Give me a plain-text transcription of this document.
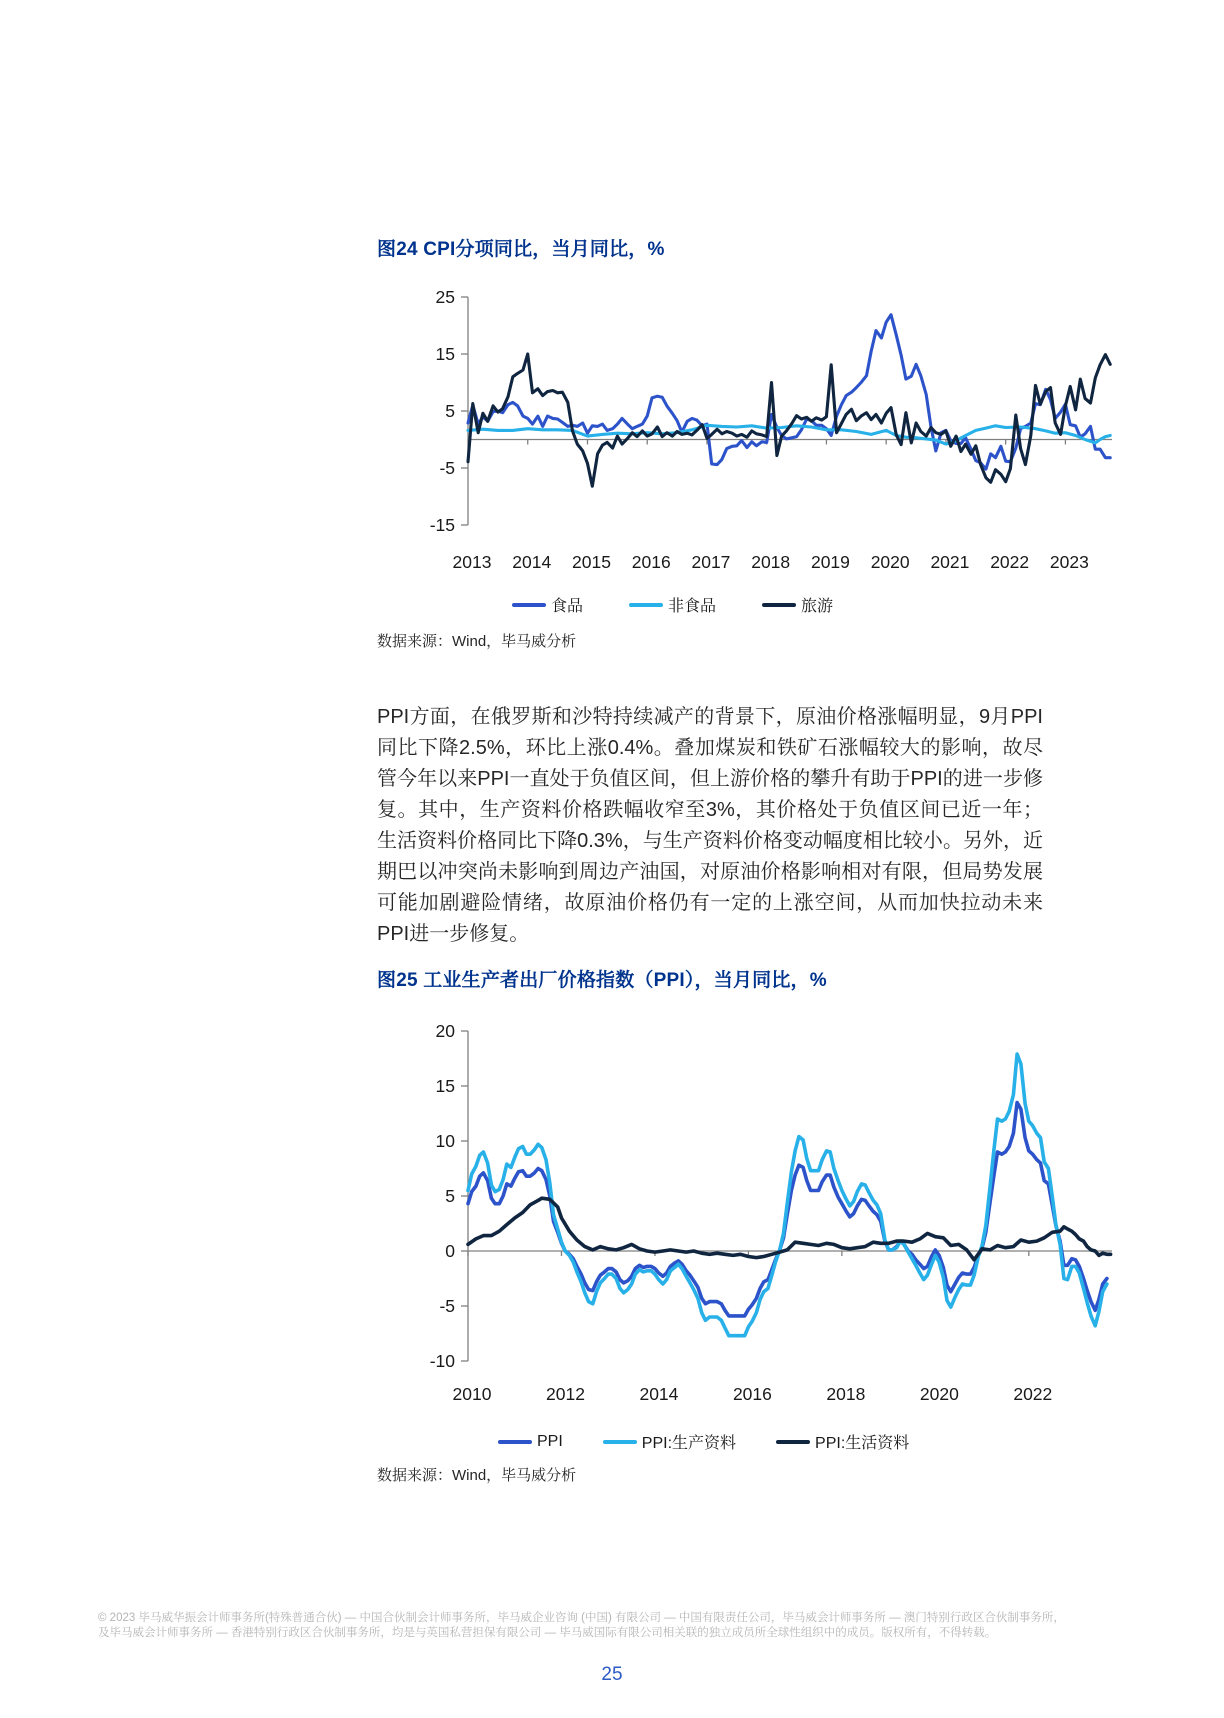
图24 CPI分项同比，当月同比，%
25
15
5
-5
-15
2013 2014 2015 2016 2017 2018 2019 2020 2021 2022 2023
食品	非食品	旅游
数据来源：Wind，毕马威分析
PPI方面，在俄罗斯和沙特持续减产的背景下，原油价格涨幅明显，9月PPI同比下降2.5%，环比上涨0.4%。叠加煤炭和铁矿石涨幅较大的影响，故尽管今年以来PPI一直处于负值区间，但上游价格的攀升有助于PPI的进一步修复。其中，生产资料价格跌幅收窄至3%，其价格处于负值区间已近一年；生活资料价格同比下降0.3%，与生产资料价格变动幅度相比较小。另外，近期巴以冲突尚未影响到周边产油国，对原油价格影响相对有限，但局势发展可能加剧避险情绪，故原油价格仍有一定的上涨空间，从而加快拉动未来PPI进一步修复。
图25 工业生产者出厂价格指数（PPI），当月同比，%
20
15
10
5
0
-5
-10
2010	2012	2014	2016	2018	2020	2022
PPI	PPI:生产资料	PPI:生活资料
数据来源：Wind，毕马威分析
© 2023 毕马威华振会计师事务所(特殊普通合伙) — 中国合伙制会计师事务所，毕马威企业咨询 (中国) 有限公司 — 中国有限责任公司，毕马威会计师事务所 — 澳门特别行政区合伙制事务所，
及毕马威会计师事务所 — 香港特别行政区合伙制事务所，均是与英国私营担保有限公司 — 毕马威国际有限公司相关联的独立成员所全球性组织中的成员。版权所有，不得转载。
25
